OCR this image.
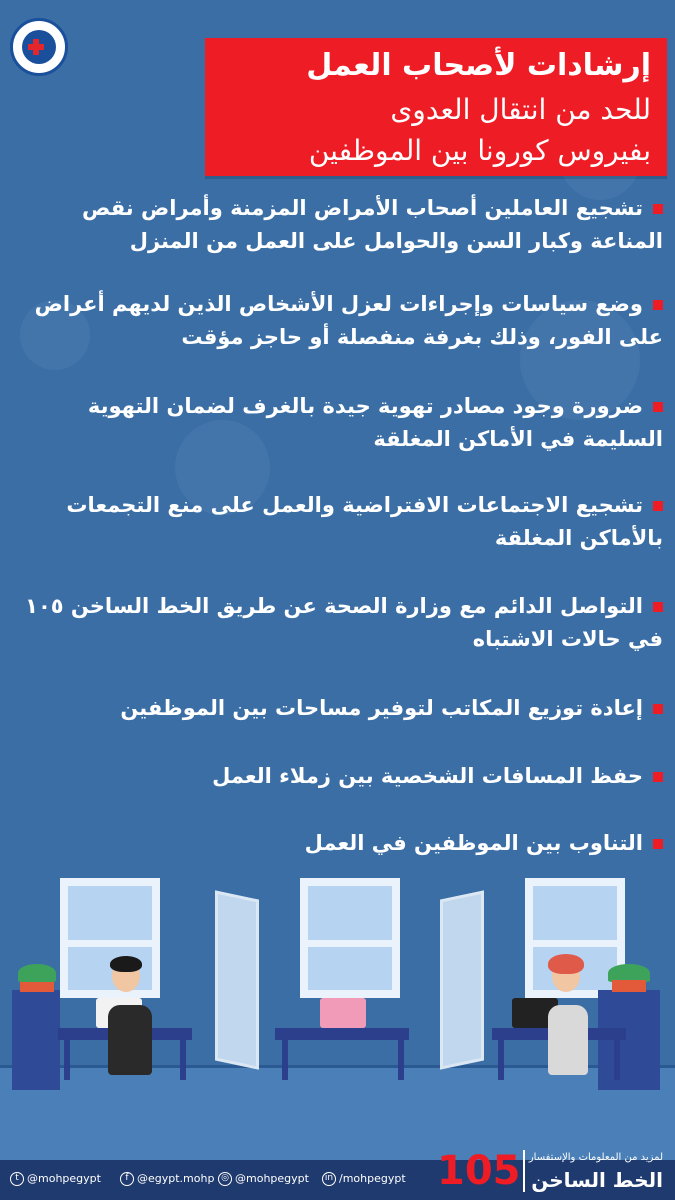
إرشادات لأصحاب العمل
للحد من انتقال العدوى
بفيروس كورونا بين الموظفين
تشجيع العاملين أصحاب الأمراض المزمنة وأمراض نقص
المناعة وكبار السن والحوامل على العمل من المنزل
وضع سياسات وإجراءات لعزل الأشخاص الذين لديهم أعراض
على الفور، وذلك بغرفة منفصلة أو حاجز مؤقت
ضرورة وجود مصادر تهوية جيدة بالغرف لضمان التهوية
السليمة في الأماكن المغلقة
تشجيع الاجتماعات الافتراضية والعمل على منع التجمعات
بالأماكن المغلقة
التواصل الدائم مع وزارة الصحة عن طريق الخط الساخن ١٠٥
في حالات الاشتباه
إعادة توزيع المكاتب لتوفير مساحات بين الموظفين
حفظ المسافات الشخصية بين زملاء العمل
التناوب بين الموظفين في العمل
t @mohpegypt	f @egypt.mohp ◎ @mohpegypt	in /mohpegypt 105 لمزيد من المعلومات والإستفسار
الخط الساخن
